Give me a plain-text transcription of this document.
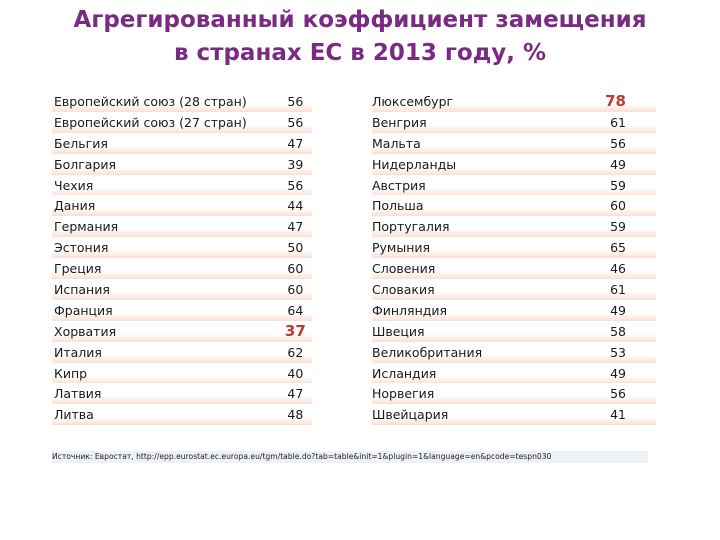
Агрегированный коэффициент замещения
в странах ЕС в 2013 году, %
Европейский союз (28 стран)	56
Европейский союз (27 стран)	56
Бельгия	47
Болгария	39
Чехия	56
Дания	44
Германия	47
Эстония	50
Греция	60
Испания	60
Франция	64
Хорватия	37
Италия	62
Кипр	40
Латвия	47
Литва	48
Люксембург	78
Венгрия	61
Мальта	56
Нидерланды	49
Австрия	59
Польша	60
Португалия	59
Румыния	65
Словения	46
Словакия	61
Финляндия	49
Швеция	58
Великобритания	53
Исландия	49
Норвегия	56
Швейцария	41
Источник: Евростат, http://epp.eurostat.ec.europa.eu/tgm/table.do?tab=table&init=1&plugin=1&language=en&pcode=tespn030
